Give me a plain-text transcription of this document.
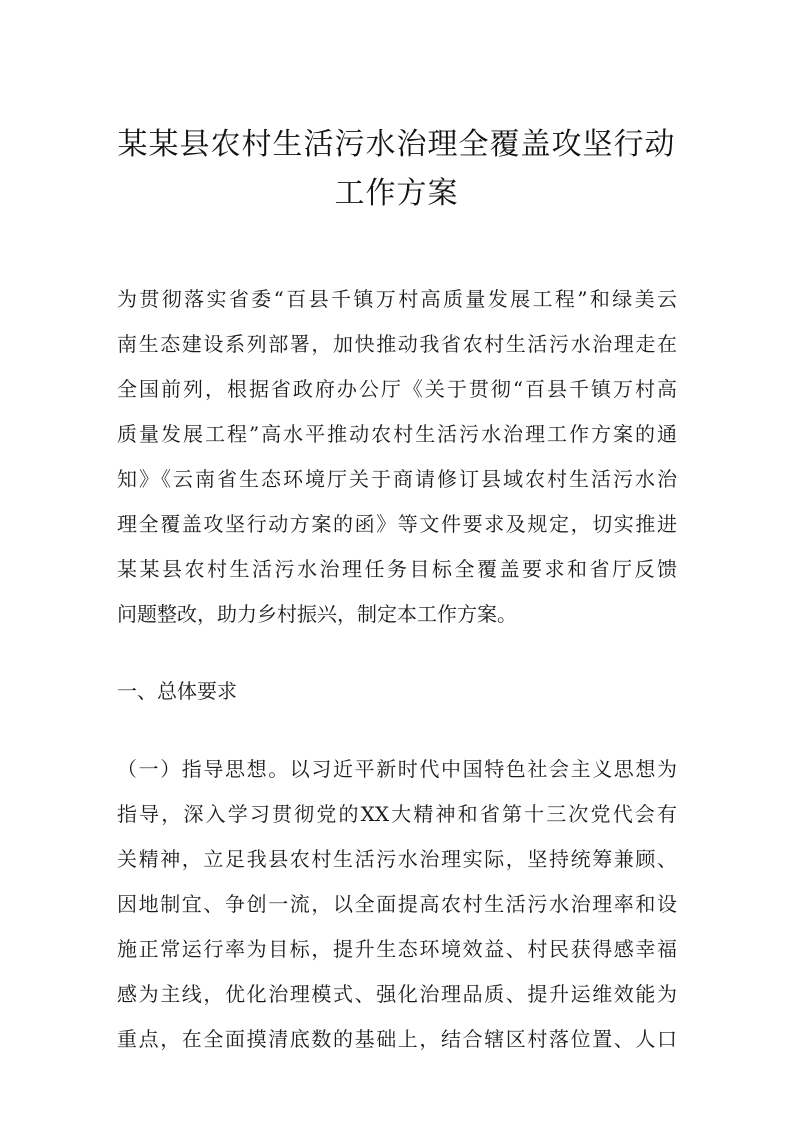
某某县农村生活污水治理全覆盖攻坚行动
工作方案
为贯彻落实省委“百县千镇万村高质量发展工程”和绿美云
南生态建设系列部署，加快推动我省农村生活污水治理走在
全国前列，根据省政府办公厅《关于贯彻“百县千镇万村高
质量发展工程”高水平推动农村生活污水治理工作方案的通
知》《云南省生态环境厅关于商请修订县域农村生活污水治
理全覆盖攻坚行动方案的函》等文件要求及规定，切实推进
某某县农村生活污水治理任务目标全覆盖要求和省厅反馈
问题整改，助力乡村振兴，制定本工作方案。
一、总体要求
（一）指导思想。以习近平新时代中国特色社会主义思想为
指导，深入学习贯彻党的XX大精神和省第十三次党代会有
关精神，立足我县农村生活污水治理实际，坚持统筹兼顾、
因地制宜、争创一流，以全面提高农村生活污水治理率和设
施正常运行率为目标，提升生态环境效益、村民获得感幸福
感为主线，优化治理模式、强化治理品质、提升运维效能为
重点，在全面摸清底数的基础上，结合辖区村落位置、人口
